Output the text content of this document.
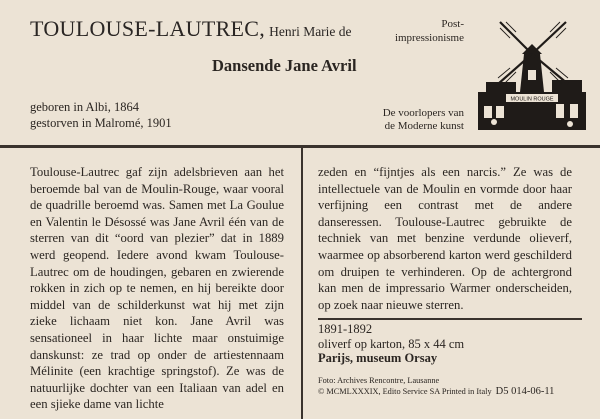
TOULOUSE-LAUTREC, Henri Marie de	Post-
impressionisme
Dansende Jane Avril
geboren in Albi, 1864
gestorven in Malromé, 1901
De voorlopers van
de Moderne kunst
MOULIN ROUGE

Toulouse-Lautrec gaf zijn adelsbrieven aan het beroemde bal van de Moulin-Rouge, waar vooral de quadrille beroemd was. Samen met La Goulue en Valentin le Désossé was Jane Avril één van de sterren van dit “oord van plezier” dat in 1889 werd geopend. Iedere avond kwam Toulouse-Lautrec om de houdingen, gebaren en zwierende rokken in zich op te nemen, en hij bereikte door middel van de schilderkunst wat hij met zijn zieke lichaam niet kon. Jane Avril was sensationeel in haar lichte maar onstuimige danskunst: ze trad op onder de artiestennaam Mélinite (een krachtige springstof). Ze was de natuurlijke dochter van een Italiaan van adel en een sjieke dame van lichte

zeden en “fijntjes als een narcis.” Ze was de intellectuele van de Moulin en vormde door haar verfijning een contrast met de andere danseressen. Toulouse-Lautrec gebruikte de techniek van met benzine verdunde olieverf, waarmee op absorberend karton werd geschilderd om druipen te verhinderen. Op de achtergrond kan men de impressario Warmer onderscheiden, op zoek naar nieuwe sterren.

1891-1892
oliverf op karton, 85 x 44 cm
Parijs, museum Orsay
Foto: Archives Rencontre, Lausanne
© MCMLXXXIX, Edito Service SA Printed in Italy D5 014-06-11
